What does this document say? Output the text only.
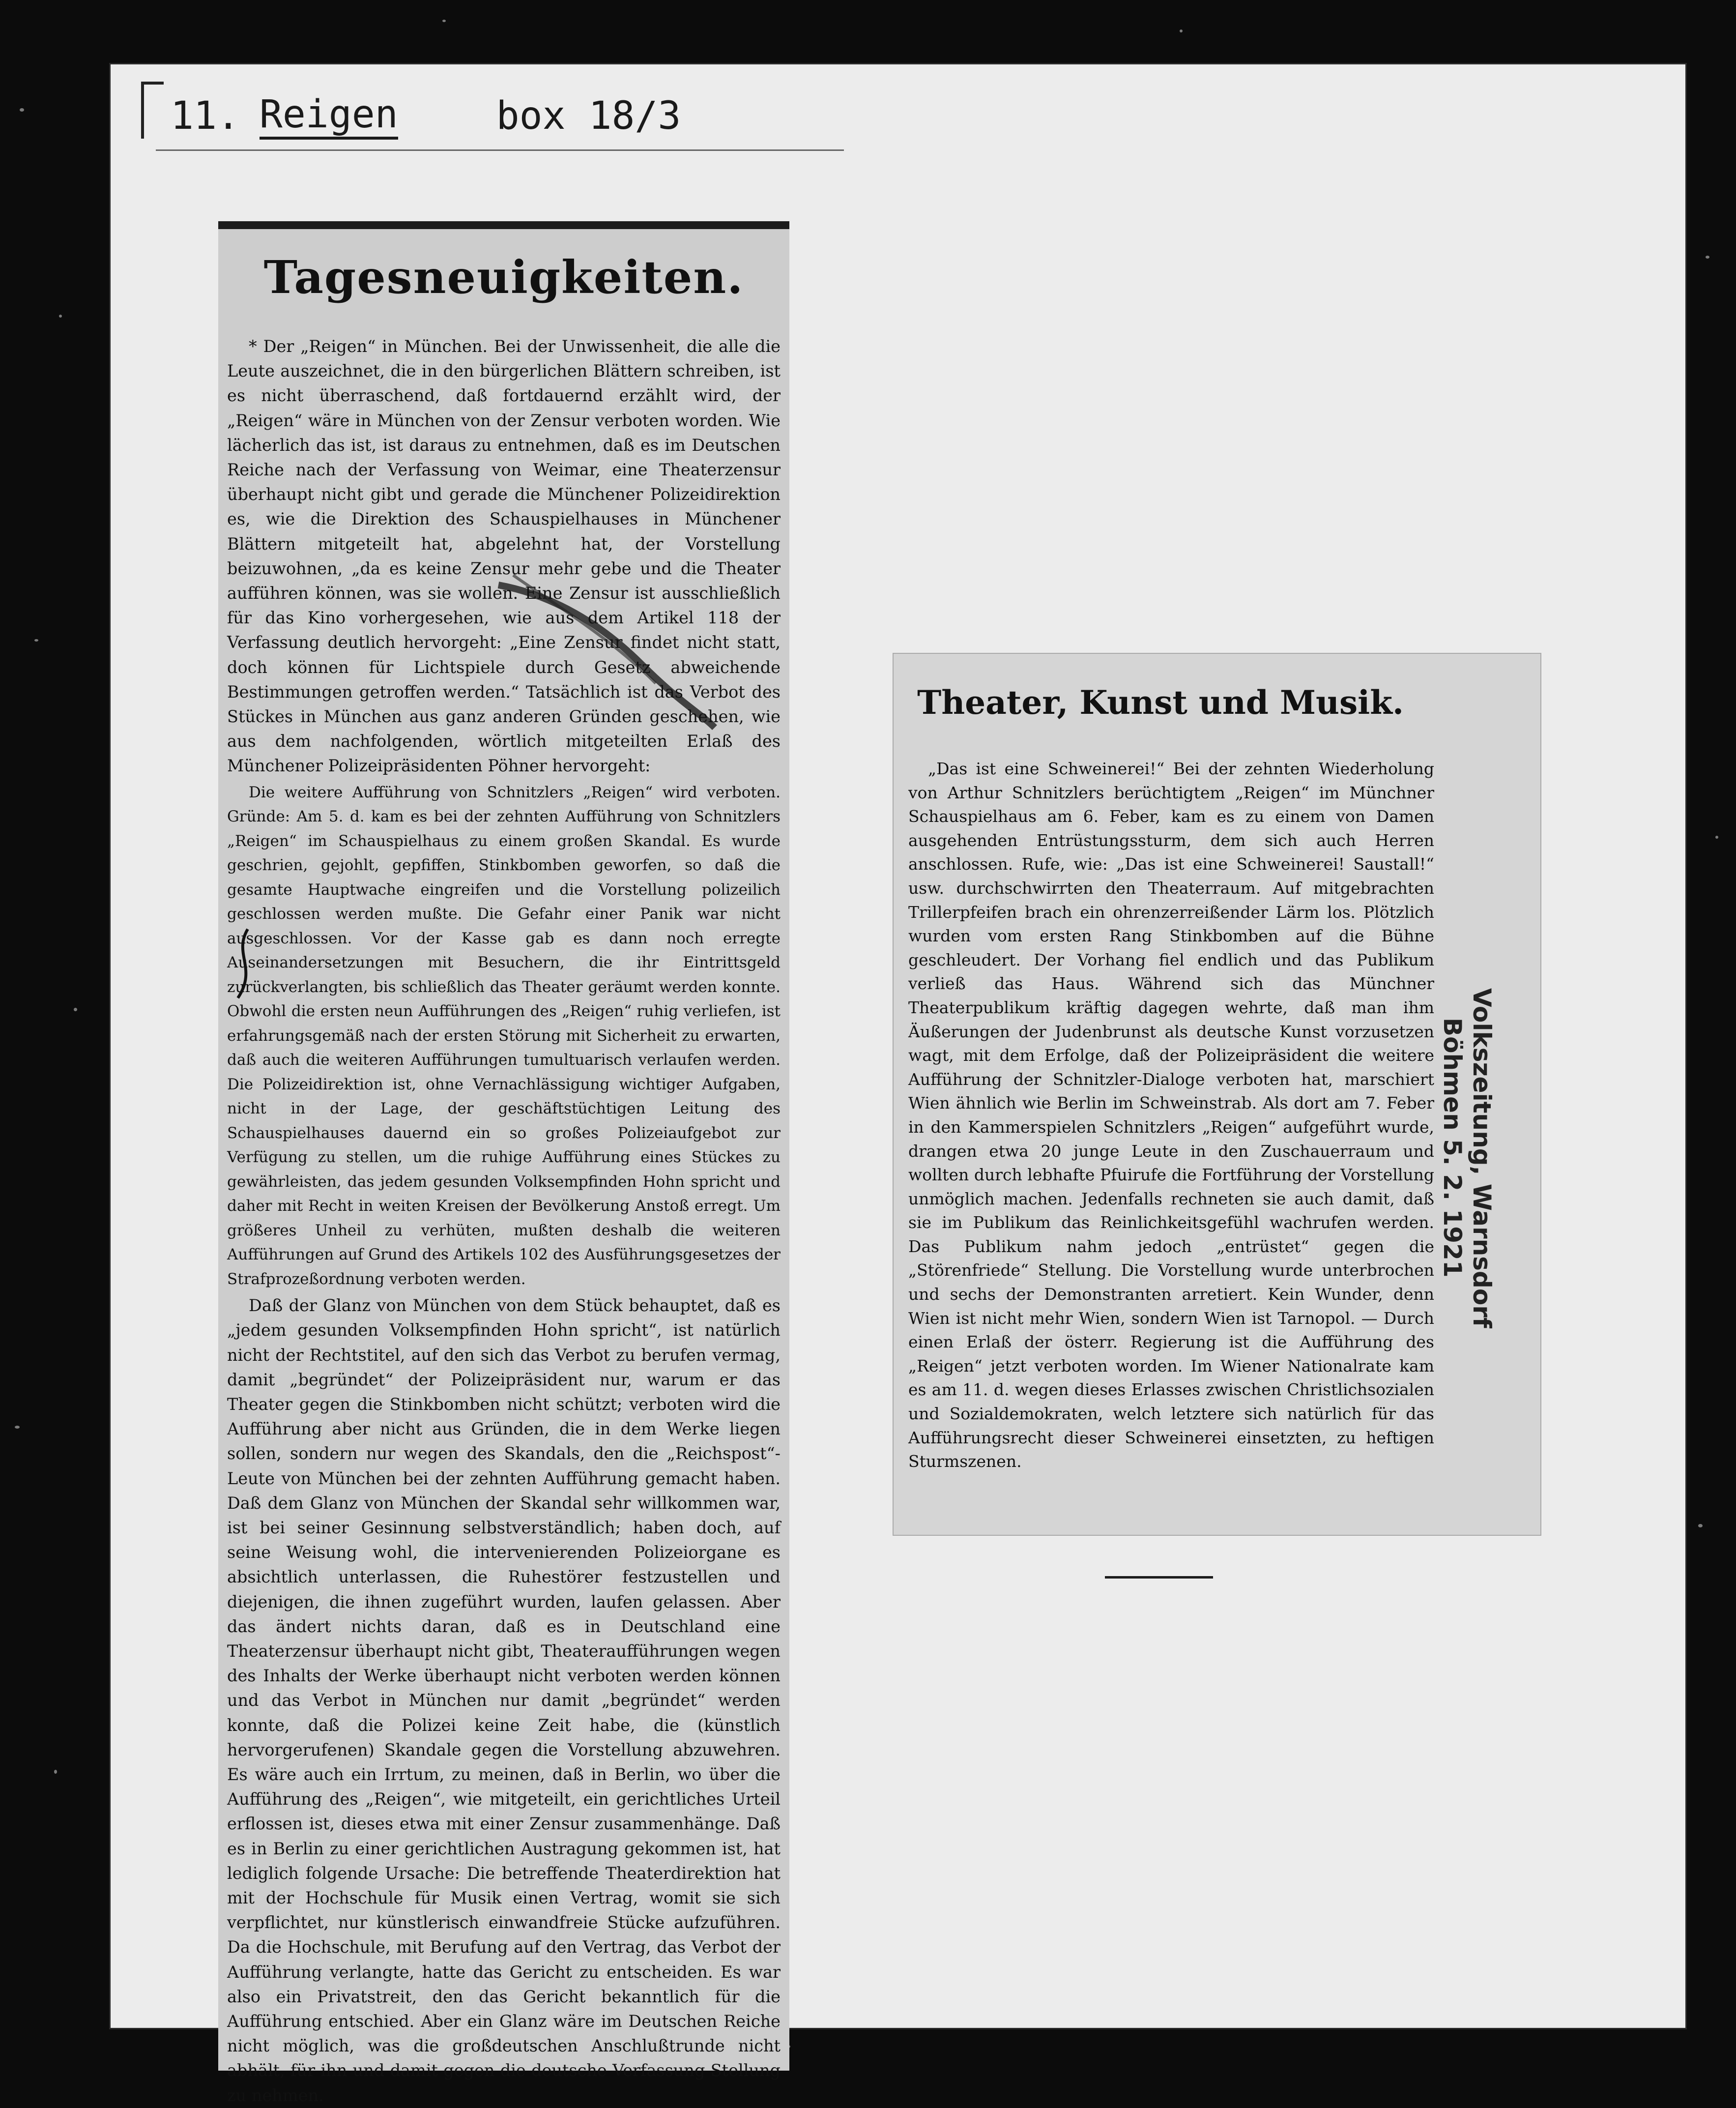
11. Reigen	box 18/3
Tagesneuigkeiten.

* Der „Reigen“ in München. Bei der Unwissenheit, die alle die Leute auszeichnet, die in den bürgerlichen Blättern schreiben, ist es nicht überraschend, daß fortdauernd erzählt wird, der „Reigen“ wäre in München von der Zensur verboten worden. Wie lächerlich das ist, ist daraus zu entnehmen, daß es im Deutschen Reiche nach der Verfassung von Weimar, eine Theaterzensur überhaupt nicht gibt und gerade die Münchener Polizeidirektion es, wie die Direktion des Schauspielhauses in Münchener Blättern mitgeteilt hat, abgelehnt hat, der Vorstellung beizuwohnen, „da es keine Zensur mehr gebe und die Theater aufführen können, was sie wollen. Eine Zensur ist ausschließlich für das Kino vorhergesehen, wie aus dem Artikel 118 der Verfassung deutlich hervorgeht: „Eine Zensur findet nicht statt, doch können für Lichtspiele durch Gesetz abweichende Bestimmungen getroffen werden.“ Tatsächlich ist das Verbot des Stückes in München aus ganz anderen Gründen geschehen, wie aus dem nachfolgenden, wörtlich mitgeteilten Erlaß des Münchener Polizeipräsidenten Pöhner hervorgeht:

Die weitere Aufführung von Schnitzlers „Reigen“ wird verboten. Gründe: Am 5. d. kam es bei der zehnten Aufführung von Schnitzlers „Reigen“ im Schauspielhaus zu einem großen Skandal. Es wurde geschrien, gejohlt, gepfiffen, Stinkbomben geworfen, so daß die gesamte Hauptwache eingreifen und die Vorstellung polizeilich geschlossen werden mußte. Die Gefahr einer Panik war nicht ausgeschlossen. Vor der Kasse gab es dann noch erregte Auseinandersetzungen mit Besuchern, die ihr Eintrittsgeld zurückverlangten, bis schließlich das Theater geräumt werden konnte. Obwohl die ersten neun Aufführungen des „Reigen“ ruhig verliefen, ist erfahrungsgemäß nach der ersten Störung mit Sicherheit zu erwarten, daß auch die weiteren Aufführungen tumultuarisch verlaufen werden. Die Polizeidirektion ist, ohne Vernachlässigung wichtiger Aufgaben, nicht in der Lage, der geschäftstüchtigen Leitung des Schauspielhauses dauernd ein so großes Polizeiaufgebot zur Verfügung zu stellen, um die ruhige Aufführung eines Stückes zu gewährleisten, das jedem gesunden Volksempfinden Hohn spricht und daher mit Recht in weiten Kreisen der Bevölkerung Anstoß erregt. Um größeres Unheil zu verhüten, mußten deshalb die weiteren Aufführungen auf Grund des Artikels 102 des Ausführungsgesetzes der Strafprozeßordnung verboten werden.

Daß der Glanz von München von dem Stück behauptet, daß es „jedem gesunden Volksempfinden Hohn spricht“, ist natürlich nicht der Rechtstitel, auf den sich das Verbot zu berufen vermag, damit „begründet“ der Polizeipräsident nur, warum er das Theater gegen die Stinkbomben nicht schützt; verboten wird die Aufführung aber nicht aus Gründen, die in dem Werke liegen sollen, sondern nur wegen des Skandals, den die „Reichspost“-Leute von München bei der zehnten Aufführung gemacht haben. Daß dem Glanz von München der Skandal sehr willkommen war, ist bei seiner Gesinnung selbstverständlich; haben doch, auf seine Weisung wohl, die intervenierenden Polizeiorgane es absichtlich unterlassen, die Ruhestörer festzustellen und diejenigen, die ihnen zugeführt wurden, laufen gelassen. Aber das ändert nichts daran, daß es in Deutschland eine Theaterzensur überhaupt nicht gibt, Theateraufführungen wegen des Inhalts der Werke überhaupt nicht verboten werden können und das Verbot in München nur damit „begründet“ werden konnte, daß die Polizei keine Zeit habe, die (künstlich hervorgerufenen) Skandale gegen die Vorstellung abzuwehren. Es wäre auch ein Irrtum, zu meinen, daß in Berlin, wo über die Aufführung des „Reigen“, wie mitgeteilt, ein gerichtliches Urteil erflossen ist, dieses etwa mit einer Zensur zusammenhänge. Daß es in Berlin zu einer gerichtlichen Austragung gekommen ist, hat lediglich folgende Ursache: Die betreffende Theaterdirektion hat mit der Hochschule für Musik einen Vertrag, womit sie sich verpflichtet, nur künstlerisch einwandfreie Stücke aufzuführen. Da die Hochschule, mit Berufung auf den Vertrag, das Verbot der Aufführung verlangte, hatte das Gericht zu entscheiden. Es war also ein Privatstreit, den das Gericht bekanntlich für die Aufführung entschied. Aber ein Glanz wäre im Deutschen Reiche nicht möglich, was die großdeutschen Anschlußtrunde nicht abhält, für ihn und damit gegen die deutsche Verfassung Stellung zu nehmen.

Theater, Kunst und Musik.

„Das ist eine Schweinerei!“ Bei der zehnten Wiederholung von Arthur Schnitzlers berüchtigtem „Reigen“ im Münchner Schauspielhaus am 6. Feber, kam es zu einem von Damen ausgehenden Entrüstungssturm, dem sich auch Herren anschlossen. Rufe, wie: „Das ist eine Schweinerei! Saustall!“ usw. durchschwirrten den Theaterraum. Auf mitgebrachten Trillerpfeifen brach ein ohrenzerreißender Lärm los. Plötzlich wurden vom ersten Rang Stinkbomben auf die Bühne geschleudert. Der Vorhang fiel endlich und das Publikum verließ das Haus. Während sich das Münchner Theaterpublikum kräftig dagegen wehrte, daß man ihm Äußerungen der Judenbrunst als deutsche Kunst vorzusetzen wagt, mit dem Erfolge, daß der Polizeipräsident die weitere Aufführung der Schnitzler-Dialoge verboten hat, marschiert Wien ähnlich wie Berlin im Schweinstrab. Als dort am 7. Feber in den Kammerspielen Schnitzlers „Reigen“ aufgeführt wurde, drangen etwa 20 junge Leute in den Zuschauerraum und wollten durch lebhafte Pfuirufe die Fortführung der Vorstellung unmöglich machen. Jedenfalls rechneten sie auch damit, daß sie im Publikum das Reinlichkeitsgefühl wachrufen werden. Das Publikum nahm jedoch „entrüstet“ gegen die „Störenfriede“ Stellung. Die Vorstellung wurde unterbrochen und sechs der Demonstranten arretiert. Kein Wunder, denn Wien ist nicht mehr Wien, sondern Wien ist Tarnopol. — Durch einen Erlaß der österr. Regierung ist die Aufführung des „Reigen“ jetzt verboten worden. Im Wiener Nationalrate kam es am 11. d. wegen dieses Erlasses zwischen Christlichsozialen und Sozialdemokraten, welch letztere sich natürlich für das Aufführungsrecht dieser Schweinerei einsetzten, zu heftigen Sturmszenen.

Volkszeitung, Warnsdorf
Böhmen 5. 2. 1921
